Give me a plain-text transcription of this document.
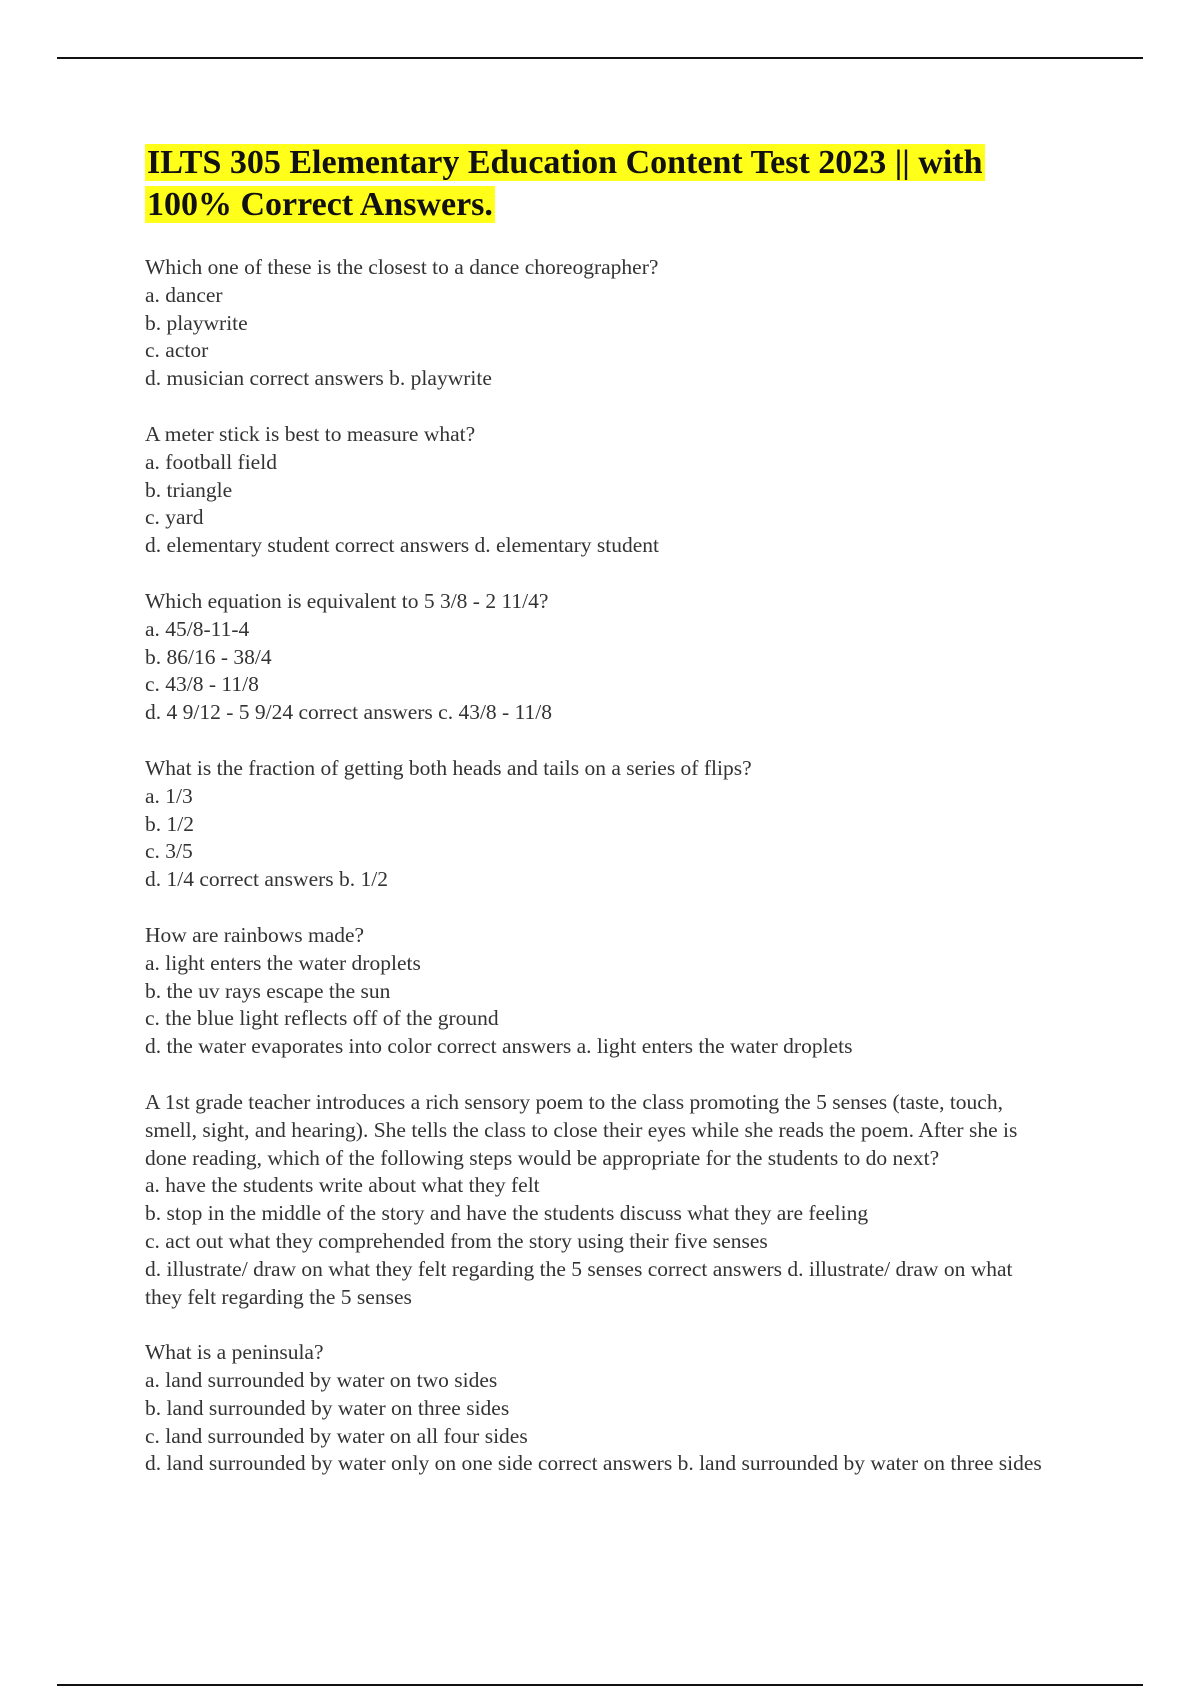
ILTS 305 Elementary Education Content Test 2023 || with 100% Correct Answers.

Which one of these is the closest to a dance choreographer?

a. dancer

b. playwrite

c. actor

d. musician correct answers b. playwrite

A meter stick is best to measure what?

a. football field

b. triangle

c. yard

d. elementary student correct answers d. elementary student

Which equation is equivalent to 5 3/8 - 2 11/4?

a. 45/8-11-4

b. 86/16 - 38/4

c. 43/8 - 11/8

d. 4 9/12 - 5 9/24 correct answers c. 43/8 - 11/8

What is the fraction of getting both heads and tails on a series of flips?

a. 1/3

b. 1/2

c. 3/5

d. 1/4 correct answers b. 1/2

How are rainbows made?

a. light enters the water droplets

b. the uv rays escape the sun

c. the blue light reflects off of the ground

d. the water evaporates into color correct answers a. light enters the water droplets

A 1st grade teacher introduces a rich sensory poem to the class promoting the 5 senses (taste, touch, smell, sight, and hearing). She tells the class to close their eyes while she reads the poem. After she is done reading, which of the following steps would be appropriate for the students to do next?

a. have the students write about what they felt

b. stop in the middle of the story and have the students discuss what they are feeling

c. act out what they comprehended from the story using their five senses

d. illustrate/ draw on what they felt regarding the 5 senses correct answers d. illustrate/ draw on what they felt regarding the 5 senses

What is a peninsula?

a. land surrounded by water on two sides

b. land surrounded by water on three sides

c. land surrounded by water on all four sides

d. land surrounded by water only on one side correct answers b. land surrounded by water on three sides
